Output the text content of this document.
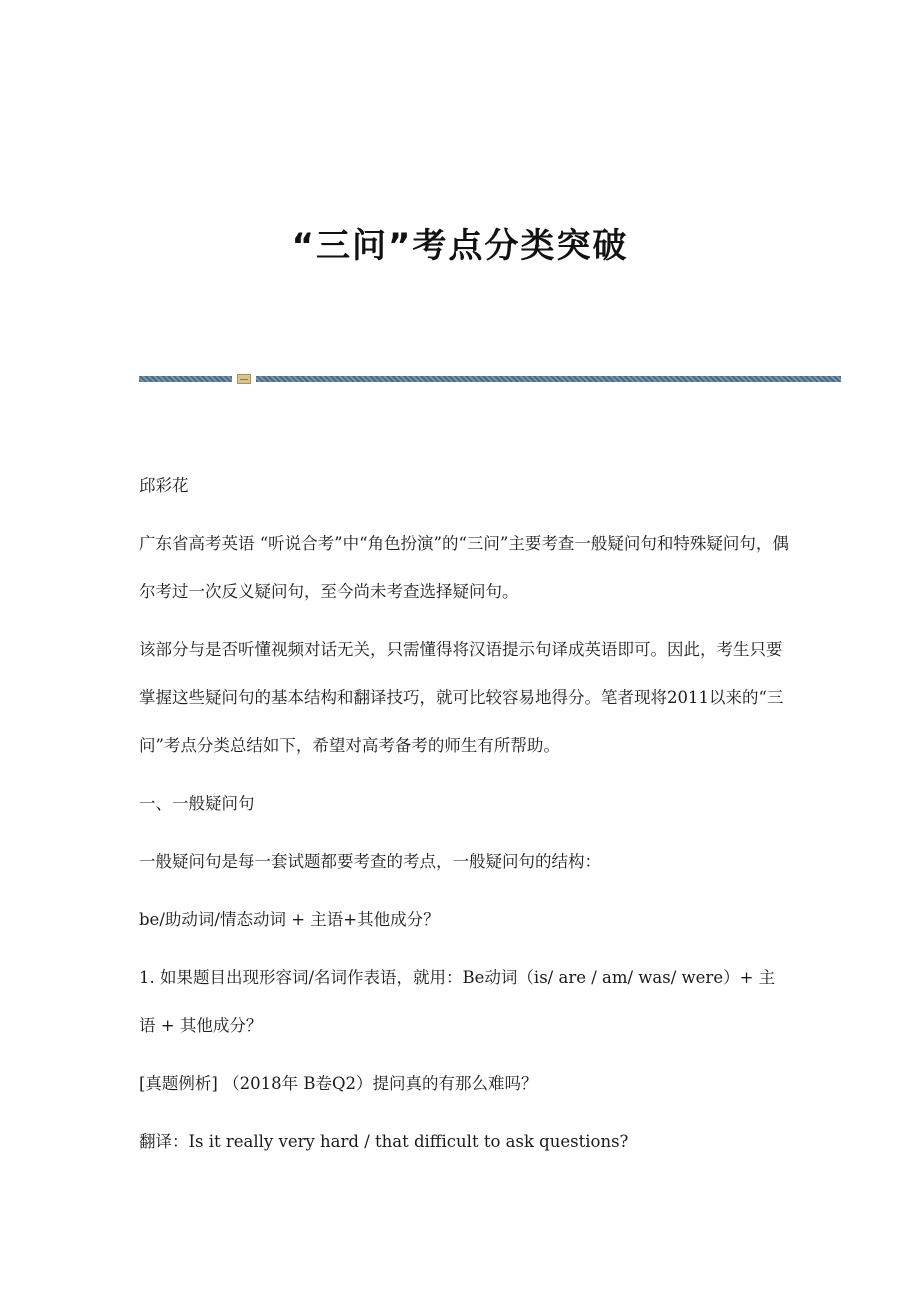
“三问”考点分类突破

邱彩花

广东省高考英语 “听说合考”中“角色扮演”的“三问”主要考查一般疑问句和特殊疑问句，偶尔考过一次反义疑问句，至今尚未考查选择疑问句。

该部分与是否听懂视频对话无关，只需懂得将汉语提示句译成英语即可。因此，考生只要掌握这些疑问句的基本结构和翻译技巧，就可比较容易地得分。笔者现将2011以来的“三问”考点分类总结如下，希望对高考备考的师生有所帮助。

一、一般疑问句

一般疑问句是每一套试题都要考查的考点，一般疑问句的结构：

be/助动词/情态动词 + 主语+其他成分？

1. 如果题目出现形容词/名词作表语，就用：Be动词（is/ are / am/ was/ were）+ 主语 + 其他成分？

[真题例析] （2018年 B卷Q2）提问真的有那么难吗？

翻译：Is it really very hard / that difficult to ask questions?
